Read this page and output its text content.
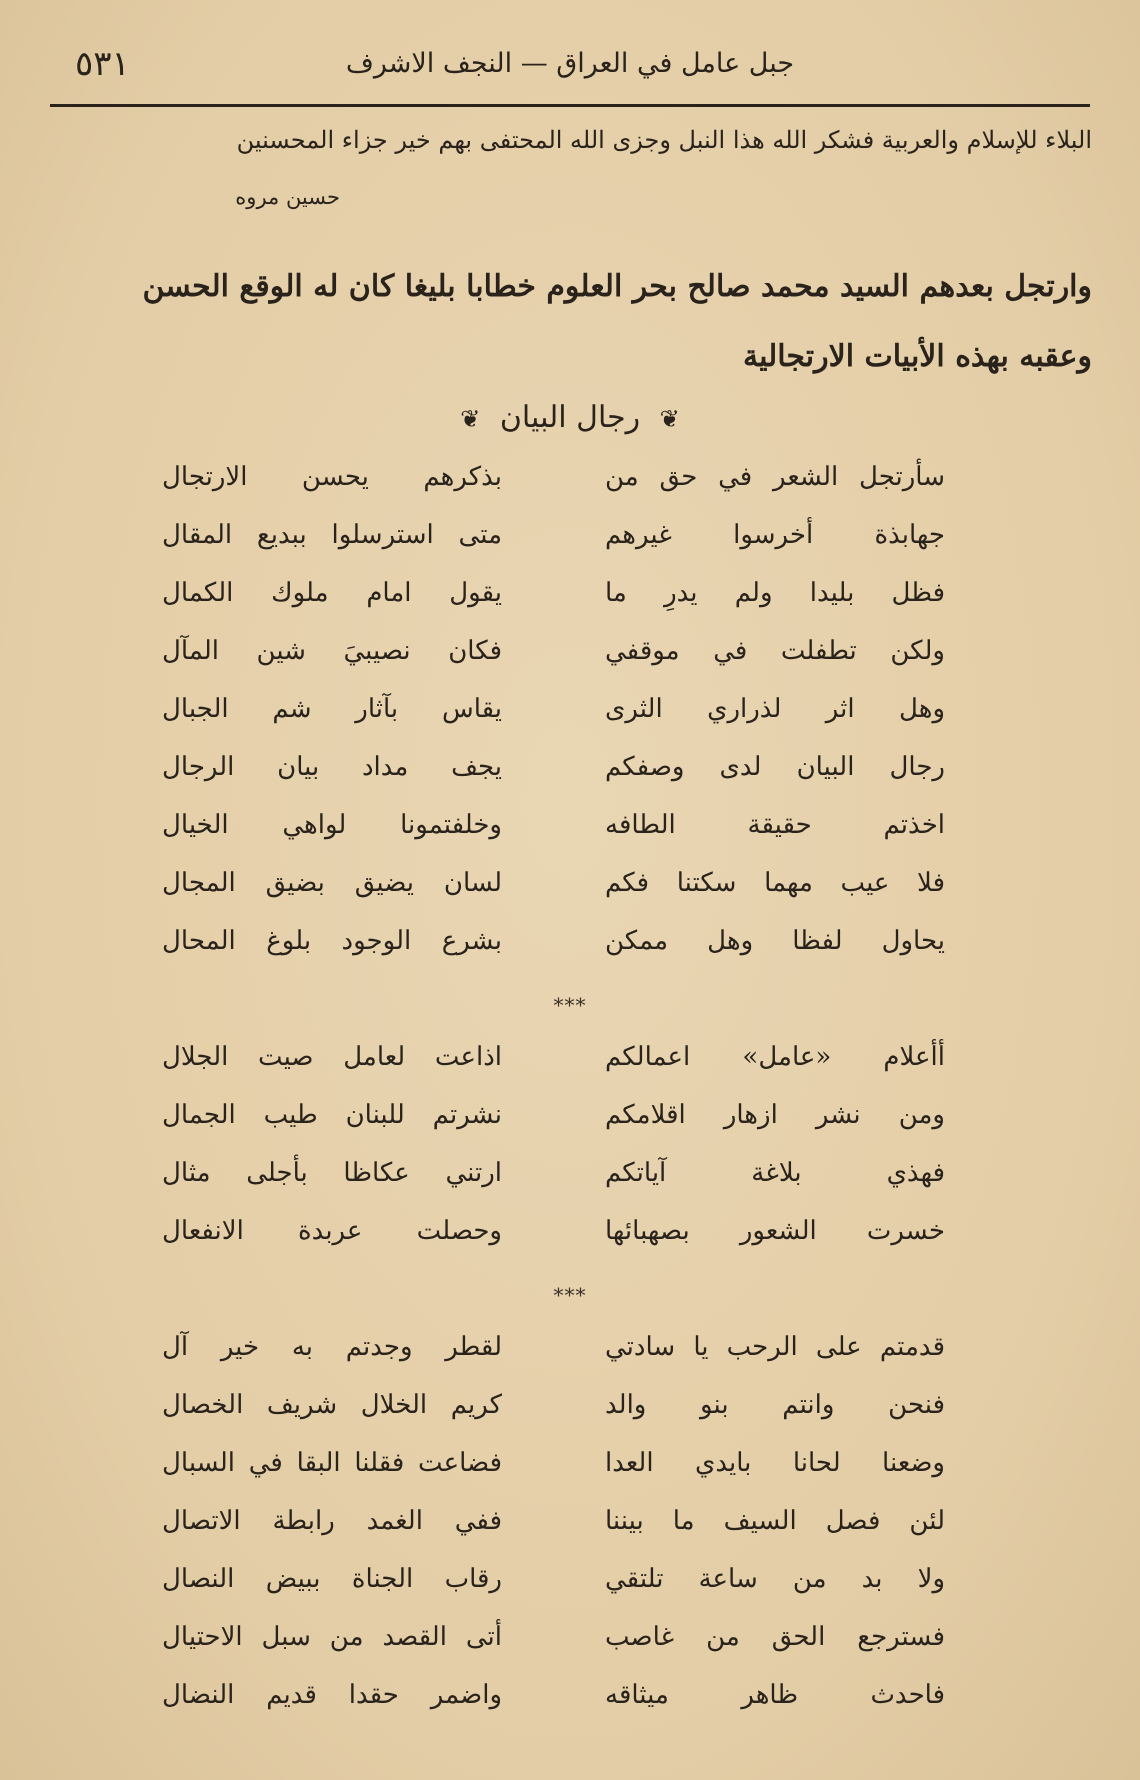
٥٣١	جبل عامل في العراق — النجف الاشرف
البلاء للإسلام والعربية فشكر الله هذا النبل وجزى الله المحتفى بهم خير جزاء المحسنين
حسين مروه

وارتجل بعدهم السيد محمد صالح بحر العلوم خطابا بليغا كان له الوقع الحسن

وعقبه بهذه الأبيات الارتجالية

❦ رجال البيان ❦
سأرتجل الشعر في حق من
بذكرهم يحسن الارتجال
جهابذة أخرسوا غيرهم
متى استرسلوا ببديع المقال
فظل بليدا ولم يدرِ ما
يقول امام ملوك الكمال
ولكن تطفلت في موقفي
فكان نصيبيَ شين المآل
وهل اثر لذراري الثرى
يقاس بآثار شم الجبال
رجال البيان لدى وصفكم
يجف مداد بيان الرجال
اخذتم حقيقة الطافه
وخلفتمونا لواهي الخيال
فلا عيب مهما سكتنا فكم
لسان يضيق بضيق المجال
يحاول لفظا وهل ممكن
بشرع الوجود بلوغ المحال
***
أأعلام «عامل» اعمالكم
اذاعت لعامل صيت الجلال
ومن نشر ازهار اقلامكم
نشرتم للبنان طيب الجمال
فهذي بلاغة آياتكم
ارتني عكاظا بأجلى مثال
خسرت الشعور بصهبائها
وحصلت عربدة الانفعال
***
قدمتم على الرحب يا سادتي
لقطر وجدتم به خير آل
فنحن وانتم بنو والد
كريم الخلال شريف الخصال
وضعنا لحانا بايدي العدا
فضاعت فقلنا البقا في السبال
لئن فصل السيف ما بيننا
ففي الغمد رابطة الاتصال
ولا بد من ساعة تلتقي
رقاب الجناة ببيض النصال
فسترجع الحق من غاصب
أتى القصد من سبل الاحتيال
فاحدث ظاهر ميثاقه
واضمر حقدا قديم النضال
